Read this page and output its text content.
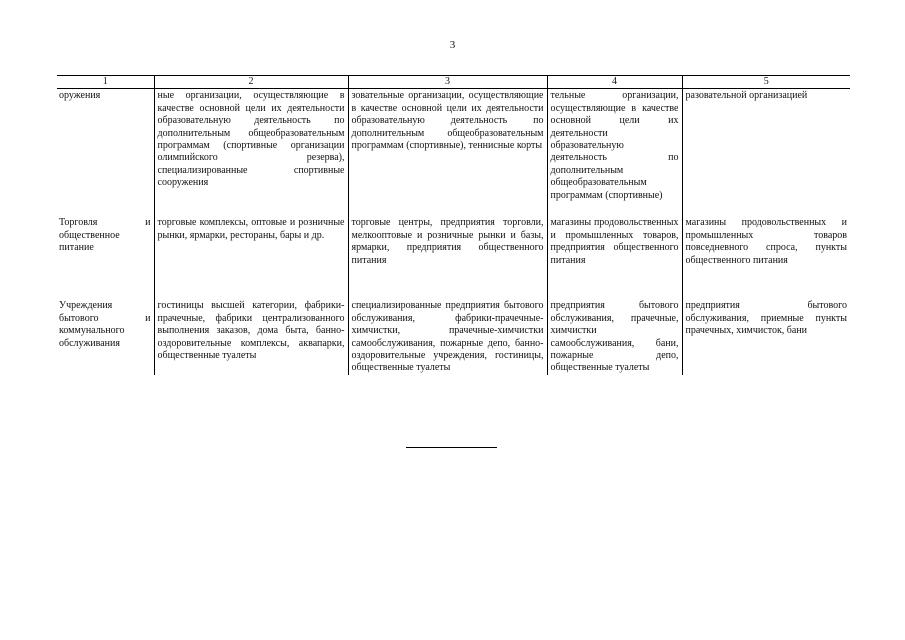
3
1	2	3	4	5
оружения	ные организации, осуществляющие в качестве основной цели их деятельности образовательную деятельность по дополнительным общеобразовательным программам (спортивные организации олимпийского резерва), специализированные спортивные сооружения	зовательные организации, осуществляющие в качестве основной цели их деятельности образовательную деятельность по дополнительным общеобразовательным программам (спортивные), теннисные корты	тельные организации, осуществляющие в качестве основной цели их деятельности образовательную деятельность по дополнительным общеобразовательным программам (спортивные)	разовательной организацией
Торговля и общественное питание	торговые комплексы, оптовые и розничные рынки, ярмарки, рестораны, бары и др.	торговые центры, предприятия торговли, мелкооптовые и розничные рынки и базы, ярмарки, предприятия общественного питания	магазины продовольственных и промышленных товаров, предприятия общественного питания	магазины продовольственных и промышленных товаров повседневного спроса, пункты общественного питания
Учреждения бытового и коммунального обслуживания	гостиницы высшей категории, фабрики-прачечные, фабрики централизованного выполнения заказов, дома быта, банно-оздоровительные комплексы, аквапарки, общественные туалеты	специализированные предприятия бытового обслуживания, фабрики-прачечные-химчистки, прачечные-химчистки самообслуживания, пожарные депо, банно-оздоровительные учреждения, гостиницы, общественные туалеты	предприятия бытового обслуживания, прачечные, химчистки самообслуживания, бани, пожарные депо, общественные туалеты	предприятия бытового обслуживания, приемные пункты прачечных, химчисток, бани
